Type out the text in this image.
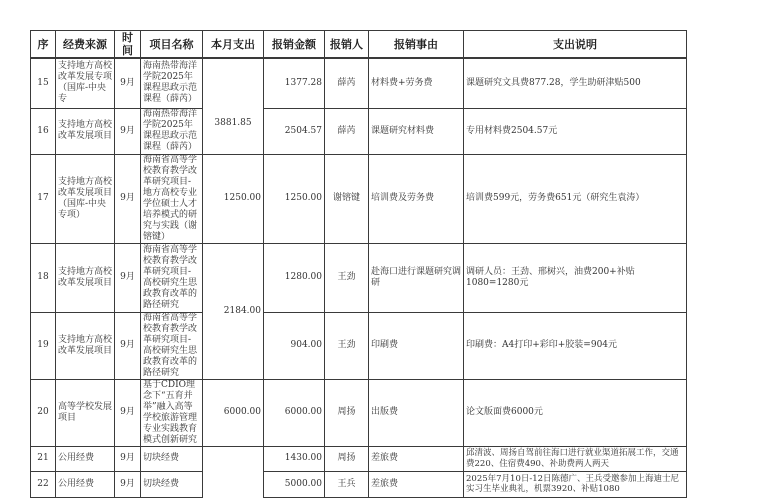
序	经费来源	时间	项目名称	本月支出	报销金额	报销人	报销事由	支出说明
15	支持地方高校改革发展专项（国库-中央专	9月	海南热带海洋学院2025年课程思政示范课程（薛芮）	3881.85	1377.28	薛芮	材料费+劳务费	课题研究文具费877.28，学生助研津贴500
16	支持地方高校改革发展项目	9月	海南热带海洋学院2025年课程思政示范课程（薛芮）		2504.57	薛芮	课题研究材料费	专用材料费2504.57元
17	支持地方高校改革发展项目（国库-中央专项）	9月	海南省高等学校教育教学改革研究项目-地方高校专业学位硕士人才培养模式的研究与实践（谢镕键）	1250.00	1250.00	谢镕键	培训费及劳务费	培训费599元，劳务费651元（研究生袁涛）
18	支持地方高校改革发展项目	9月	海南省高等学校教育教学改革研究项目-高校研究生思政教育改革的路径研究	2184.00	1280.00	王劲	赴海口进行课题研究调研	调研人员：王劲、邢树兴，油费200+补贴1080=1280元
19	支持地方高校改革发展项目	9月	海南省高等学校教育教学改革研究项目-高校研究生思政教育改革的路径研究		904.00	王劲	印刷费	印刷费：A4打印+彩印+胶装=904元
20	高等学校发展项目	9月	基于CDIO理念下“五育并举”融入高等学校旅游管理专业实践教育模式创新研究	6000.00	6000.00	周扬	出版费	论文版面费6000元
21	公用经费	9月	切块经费		1430.00	周扬	差旅费	邱清波、周扬自驾前往海口进行就业渠道拓展工作，交通费220、住宿费490、补助费两人两天
22	公用经费	9月	切块经费		5000.00	王兵	差旅费	2025年7月10日-12日陈德广、王兵受邀参加上海迪士尼实习生毕业典礼，机票3920、补贴1080
